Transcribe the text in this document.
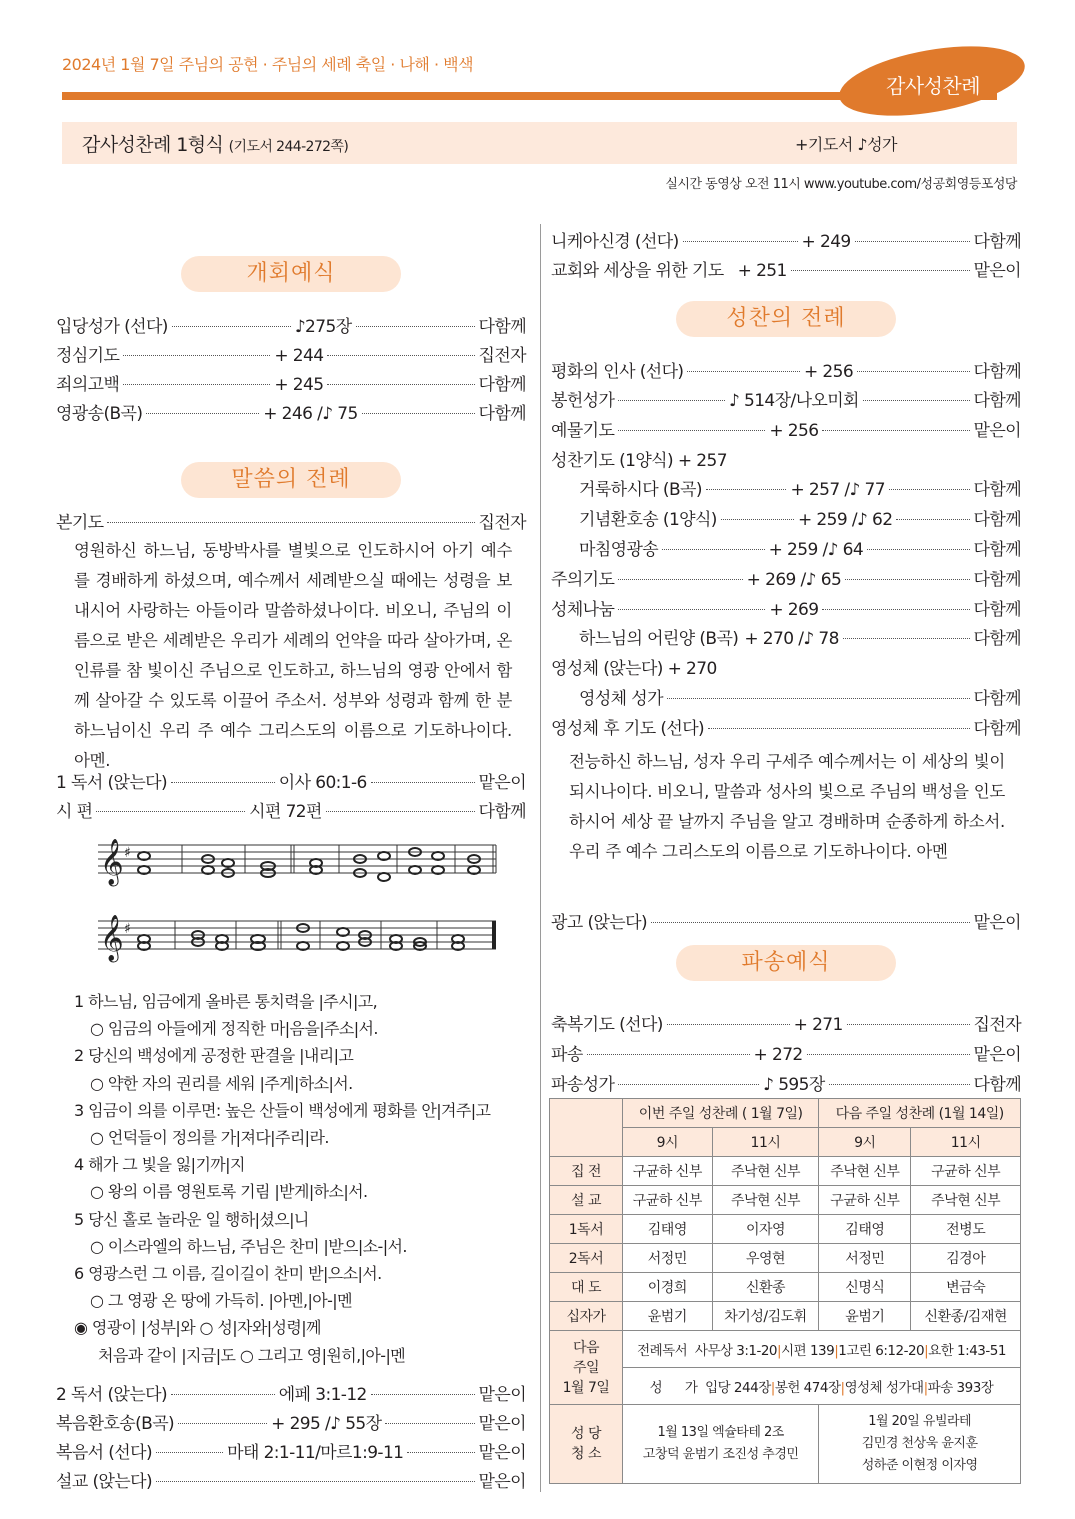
2024년 1월 7일 주님의 공현 · 주님의 세례 축일 · 나해 · 백색
감사성찬례
감사성찬례 1형식 (기도서 244-272쪽)	+기도서 ♪성가
실시간 동영상 오전 11시 www.youtube.com/성공회영등포성당
개회예식
입당성가 (선다)	♪275장	다함께
정심기도	+ 244	집전자
죄의고백	+ 245	다함께
영광송(B곡)	+ 246 /♪ 75	다함께
말씀의 전례
본기도	집전자
영원하신 하느님, 동방박사를 별빛으로 인도하시어 아기 예수를 경배하게 하셨으며, 예수께서 세례받으실 때에는 성령을 보내시어 사랑하는 아들이라 말씀하셨나이다. 비오니, 주님의 이름으로 받은 세례받은 우리가 세례의 언약을 따라 살아가며, 온 인류를 참 빛이신 주님으로 인도하고, 하느님의 영광 안에서 함께 살아갈 수 있도록 이끌어 주소서. 성부와 성령과 함께 한 분 하느님이신 우리 주 예수 그리스도의 이름으로 기도하나이다. 아멘.
1 독서 (앉는다)	이사 60:1-6	맡은이
시 편	시편 72편	다함께
𝄞
𝄞
♯
♯
1 하느님, 임금에게 올바른 통치력을 |주시|고,
○ 임금의 아들에게 정직한 마|음을|주소|서.
2 당신의 백성에게 공정한 판결을 |내리|고
○ 약한 자의 권리를 세워 |주게|하소|서.
3 임금이 의를 이루면: 높은 산들이 백성에게 평화를 안|겨주|고
○ 언덕들이 정의를 가|져다|주리|라.
4 해가 그 빛을 잃|기까|지
○ 왕의 이름 영원토록 기림 |받게|하소|서.
5 당신 홀로 놀라운 일 행하|셨으|니
○ 이스라엘의 하느님, 주님은 찬미 |받으|소-|서.
6 영광스런 그 이름, 길이길이 찬미 받|으소|서.
○ 그 영광 온 땅에 가득히. |아멘,|아-|멘
◉ 영광이 |성부|와 ○ 성|자와|성령|께
처음과 같이 |지금|도 ○ 그리고 영|원히,|아-|멘
2 독서 (앉는다)	에페 3:1-12	맡은이
복음환호송(B곡)	+ 295 /♪ 55장	맡은이
복음서 (선다)	마태 2:1-11/마르1:9-11	맡은이
설교 (앉는다)	맡은이
니케아신경 (선다)	+ 249	다함께
교회와 세상을 위한 기도 + 251	맡은이
성찬의 전례
평화의 인사 (선다)	+ 256	다함께
봉헌성가	♪ 514장/나오미회	다함께
예물기도	+ 256	맡은이
성찬기도 (1양식) + 257
거룩하시다 (B곡)	+ 257 /♪ 77	다함께
기념환호송 (1양식)	+ 259 /♪ 62	다함께
마침영광송	+ 259 /♪ 64	다함께
주의기도	+ 269 /♪ 65	다함께
성체나눔	+ 269	다함께
하느님의 어린양 (B곡) + 270 /♪ 78	다함께
영성체 (앉는다) + 270
영성체 성가	다함께
영성체 후 기도 (선다)	다함께
전능하신 하느님, 성자 우리 구세주 예수께서는 이 세상의 빛이 되시나이다. 비오니, 말씀과 성사의 빛으로 주님의 백성을 인도하시어 세상 끝 날까지 주님을 알고 경배하며 순종하게 하소서. 우리 주 예수 그리스도의 이름으로 기도하나이다. 아멘
광고 (앉는다)	맡은이
파송예식
축복기도 (선다)	+ 271	집전자
파송	+ 272	맡은이
파송성가	♪ 595장	다함께
	이번 주일 성찬례 ( 1월 7일)		다음 주일 성찬례 (1월 14일)	
	9시	11시	9시	11시
집 전	구균하 신부	주낙현 신부	주낙현 신부	구균하 신부
설 교	구균하 신부	주낙현 신부	구균하 신부	주낙현 신부
1독서	김태영	이자영	김태영	전병도
2독서	서정민	우영현	서정민	김경아
대 도	이경희	신환종	신명식	변금숙
십자가	윤범기	차기성/김도휘	윤범기	신환종/김재현

다음
주일
1월 7일	전례독서 사무상 3:1-20|시편 139|1고린 6:12-20|요한 1:43-51			
	성      가 입당 244장|봉헌 474장|영성체 성가대|파송 393장			

성 당
청 소

1월 13일 엑슐타테 2조
고창덕 윤범기 조진성 추경민

1월 20일 유빌라테
김민경 천상욱 윤지훈
성하준 이현정 이자영
